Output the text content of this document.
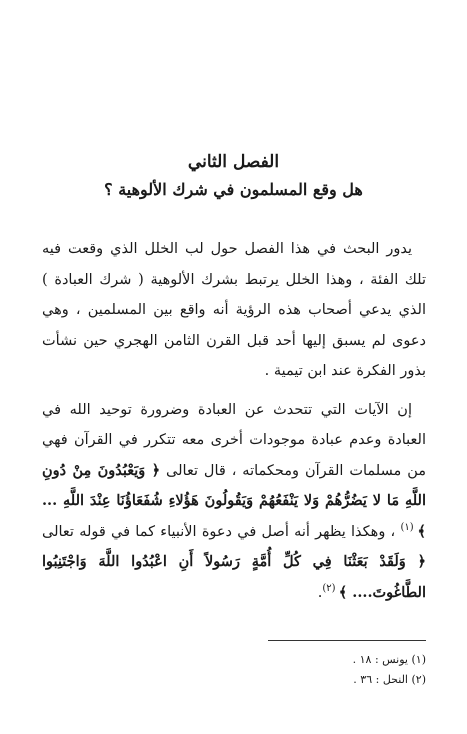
الفصل الثاني
هل وقع المسلمون في شرك الألوهية ؟

يدور البحث في هذا الفصل حول لب الخلل الذي وقعت فيه تلك الفئة ، وهذا الخلل يرتبط بشرك الألوهية ( شرك العبادة ) الذي يدعي أصحاب هذه الرؤية أنه واقع بين المسلمين ، وهي دعوى لم يسبق إليها أحد قبل القرن الثامن الهجري حين نشأت بذور الفكرة عند ابن تيمية .

إن الآيات التي تتحدث عن العبادة وضرورة توحيد الله في العبادة وعدم عبادة موجودات أخرى معه تتكرر في القرآن فهي من مسلمات القرآن ومحكماته ، قال تعالى ﴿ وَيَعْبُدُونَ مِنْ دُونِ اللَّهِ مَا لا يَضُرُّهُمْ وَلا يَنْفَعُهُمْ وَيَقُولُونَ هَؤُلاءِ شُفَعَاؤُنَا عِنْدَ اللَّهِ ... ﴾ $^{(١)}$ ، وهكذا يظهر أنه أصل في دعوة الأنبياء كما في قوله تعالى ﴿ وَلَقَدْ بَعَثْنَا فِي كُلِّ أُمَّةٍ رَسُولاً أَنِ اعْبُدُوا اللَّهَ وَاجْتَنِبُوا الطَّاغُوتَ.... ﴾ $^{(٢)}$.

(١) يونس : ١٨ .
(٢) النحل : ٣٦ .
